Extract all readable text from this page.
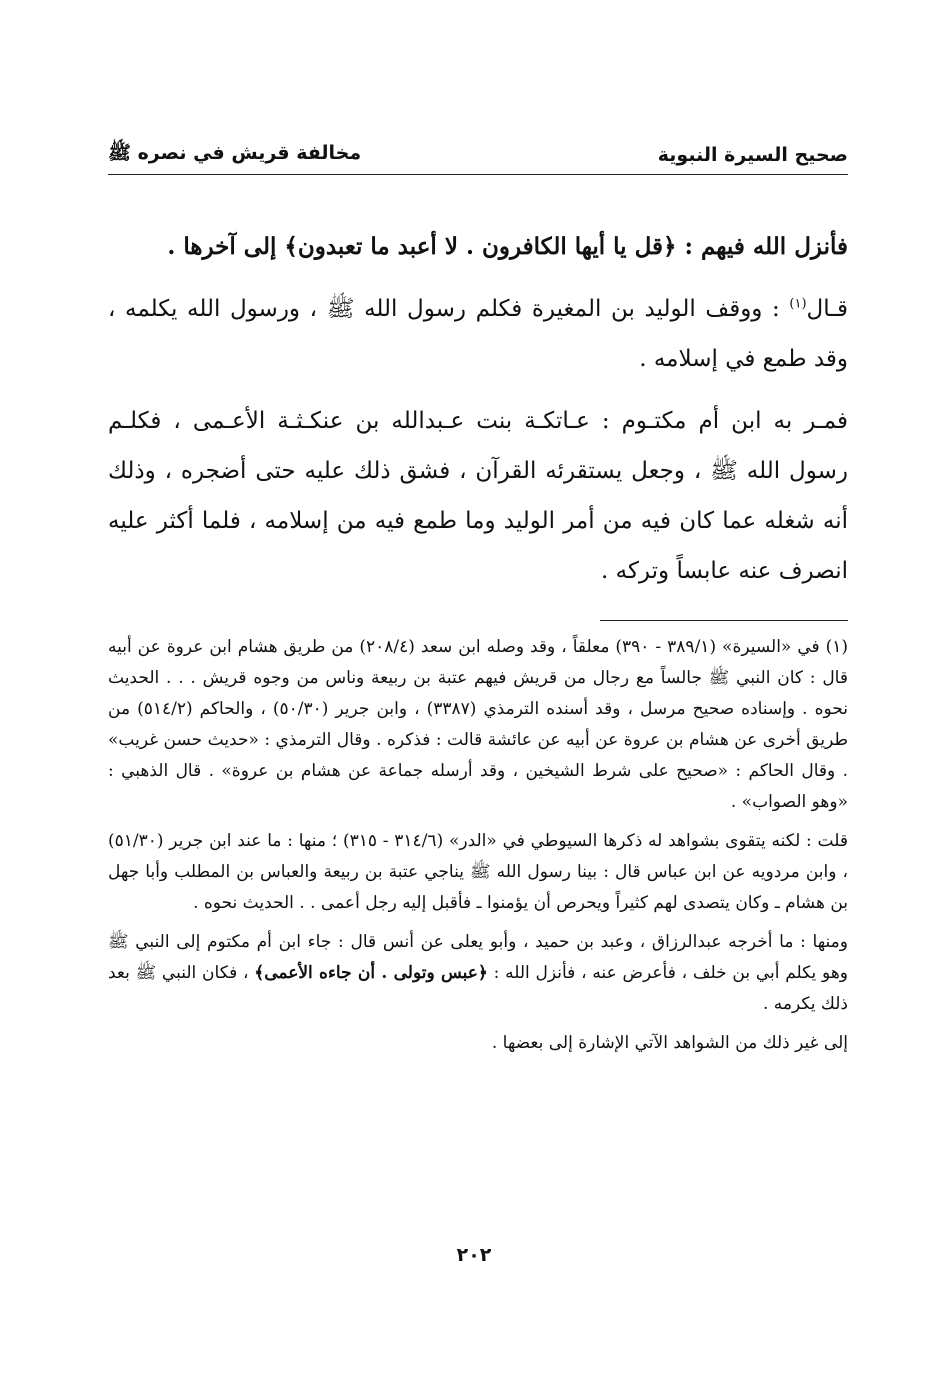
صحيح السيرة النبوية
مخالفة قريش في نصره ﷺ

فأنزل الله فيهم : ﴿قل يا أيها الكافرون . لا أعبد ما تعبدون﴾ إلى آخرها .

قـال$^{(١)}$ : ووقف الوليد بن المغيرة فكلم رسول الله ﷺ ، ورسول الله يكلمه ، وقد طمع في إسلامه .

فمـر به ابن أم مكتـوم : عـاتكـة بنت عـبدالله بن عنكـثـة الأعـمى ، فكلـم رسول الله ﷺ ، وجعل يستقرئه القرآن ، فشق ذلك عليه حتى أضجره ، وذلك أنه شغله عما كان فيه من أمر الوليد وما طمع فيه من إسلامه ، فلما أكثر عليه انصرف عنه عابساً وتركه .

(١) في «السيرة» (٣٨٩/١ - ٣٩٠) معلقاً ، وقد وصله ابن سعد (٢٠٨/٤) من طريق هشام ابن عروة عن أبيه قال : كان النبي ﷺ جالساً مع رجال من قريش فيهم عتبة بن ربيعة وناس من وجوه قريش . . . الحديث نحوه . وإسناده صحيح مرسل ، وقد أسنده الترمذي (٣٣٨٧) ، وابن جرير (٥٠/٣٠) ، والحاكم (٥١٤/٢) من طريق أخرى عن هشام بن عروة عن أبيه عن عائشة قالت : فذكره . وقال الترمذي : «حديث حسن غريب» . وقال الحاكم : «صحيح على شرط الشيخين ، وقد أرسله جماعة عن هشام بن عروة» . قال الذهبي : «وهو الصواب» .

قلت : لكنه يتقوى بشواهد له ذكرها السيوطي في «الدر» (٣١٤/٦ - ٣١٥) ؛ منها : ما عند ابن جرير (٥١/٣٠) ، وابن مردويه عن ابن عباس قال : بينا رسول الله ﷺ يناجي عتبة بن ربيعة والعباس بن المطلب وأبا جهل بن هشام ـ وكان يتصدى لهم كثيراً ويحرص أن يؤمنوا ـ فأقبل إليه رجل أعمى . . الحديث نحوه .

ومنها : ما أخرجه عبدالرزاق ، وعبد بن حميد ، وأبو يعلى عن أنس قال : جاء ابن أم مكتوم إلى النبي ﷺ وهو يكلم أبي بن خلف ، فأعرض عنه ، فأنزل الله : ﴿عبس وتولى . أن جاءه الأعمى﴾ ، فكان النبي ﷺ بعد ذلك يكرمه .

إلى غير ذلك من الشواهد الآتي الإشارة إلى بعضها .

٢٠٢
